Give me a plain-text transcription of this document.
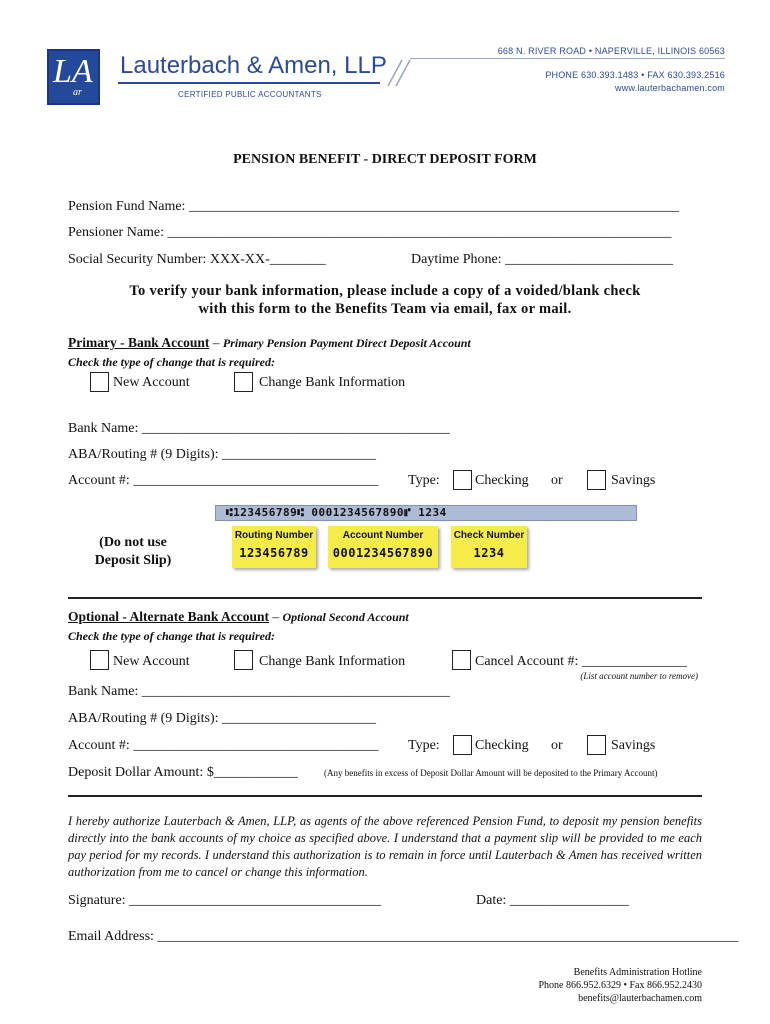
LA
ar
Lauterbach & Amen, LLP
CERTIFIED PUBLIC ACCOUNTANTS
668 N. RIVER ROAD • NAPERVILLE, ILLINOIS 60563
PHONE 630.393.1483 • FAX 630.393.2516
www.lauterbachamen.com
PENSION BENEFIT - DIRECT DEPOSIT FORM
Pension Fund Name: ______________________________________________________________________
Pensioner Name: ________________________________________________________________________
Social Security Number: XXX-XX-________	Daytime Phone: ________________________
To verify your bank information, please include a copy of a voided/blank check
with this form to the Benefits Team via email, fax or mail.
Primary - Bank Account – Primary Pension Payment Direct Deposit Account
Check the type of change that is required:
New Account	Change Bank Information
Bank Name: ____________________________________________
ABA/Routing # (9 Digits): ______________________
Account #: ___________________________________ Type:	Checking or	Savings
⑆123456789⑆ 0001234567890⑈ 1234
Routing Number
123456789
Account Number
0001234567890
Check Number
1234
(Do not use
Deposit Slip)
Optional - Alternate Bank Account – Optional Second Account
Check the type of change that is required:
New Account	Change Bank Information	Cancel Account #: _______________
(List account number to remove)
Bank Name: ____________________________________________
ABA/Routing # (9 Digits): ______________________
Account #: ___________________________________ Type:	Checking or	Savings
Deposit Dollar Amount: $____________	(Any benefits in excess of Deposit Dollar Amount will be deposited to the Primary Account)
I hereby authorize Lauterbach & Amen, LLP, as agents of the above referenced Pension Fund, to deposit my pension benefits directly into the bank accounts of my choice as specified above. I understand that a payment slip will be provided to me each pay period for my records. I understand this authorization is to remain in force until Lauterbach & Amen has received written authorization from me to cancel or change this information.
Signature: ____________________________________	Date: _________________
Email Address: ___________________________________________________________________________________
Benefits Administration Hotline
Phone 866.952.6329 • Fax 866.952.2430
benefits@lauterbachamen.com
